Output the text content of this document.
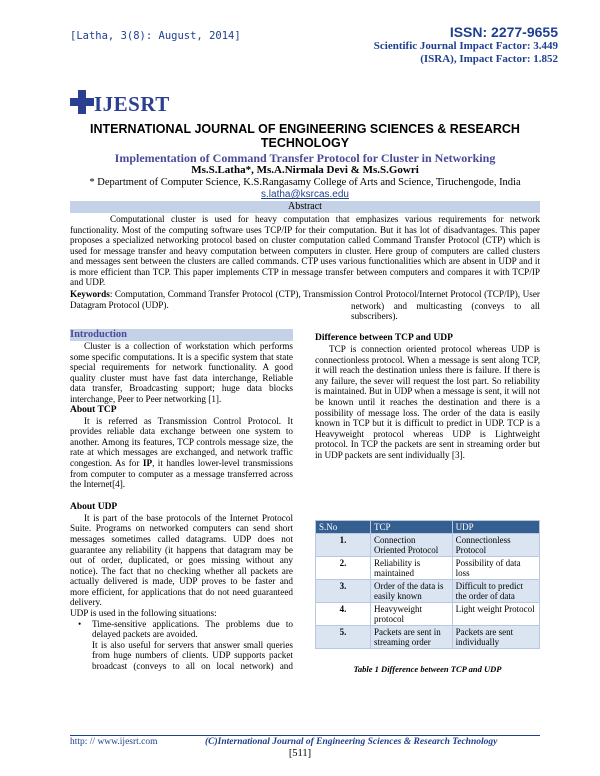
[Latha, 3(8): August, 2014]	ISSN: 2277-9655
Scientific Journal Impact Factor: 3.449
(ISRA), Impact Factor: 1.852
IJESRT
INTERNATIONAL JOURNAL OF ENGINEERING SCIENCES & RESEARCH TECHNOLOGY
Implementation of Command Transfer Protocol for Cluster in Networking
Ms.S.Latha*, Ms.A.Nirmala Devi & Ms.S.Gowri
* Department of Computer Science, K.S.Rangasamy College of Arts and Science, Tiruchengode, India
s.latha@ksrcas.edu
Abstract
Computational cluster is used for heavy computation that emphasizes various requirements for network functionality. Most of the computing software uses TCP/IP for their computation. But it has lot of disadvantages. This paper proposes a specialized networking protocol based on cluster computation called Command Transfer Protocol (CTP) which is used for message transfer and heavy computation between computers in cluster. Here group of computers are called clusters and messages sent between the clusters are called commands. CTP uses various functionalities which are absent in UDP and it is more efficient than TCP. This paper implements CTP in message transfer between computers and compares it with TCP/IP and UDP.
Keywords: Computation, Command Transfer Protocol (CTP), Transmission Control Protocol/Internet Protocol (TCP/IP), User Datagram Protocol (UDP).
Introduction

Cluster is a collection of workstation which performs some specific computations. It is a specific system that state special requirements for network functionality. A good quality cluster must have fast data interchange, Reliable data transfer, Broadcasting support; huge data blocks interchange, Peer to Peer networking [1].

About TCP

It is referred as Transmission Control Protocol. It provides reliable data exchange between one system to another. Among its features, TCP controls message size, the rate at which messages are exchanged, and network traffic congestion. As for IP, it handles lower-level transmissions from computer to computer as a message transferred across the Internet[4].

About UDP

It is part of the base protocols of the Internet Protocol Suite. Programs on networked computers can send short messages sometimes called datagrams. UDP does not guarantee any reliability (it happens that datagram may be out of order, duplicated, or goes missing without any notice). The fact that no checking whether all packets are actually delivered is made, UDP proves to be faster and more efficient, for applications that do not need guaranteed delivery.

UDP is used in the following situations:
• Time-sensitive applications. The problems due to delayed packets are avoided.
• It is also useful for servers that answer small queries from huge numbers of clients. UDP supports packet broadcast (conveys to all on local network) and
network) and multicasting (conveys to all subscribers).
Difference between TCP and UDP

TCP is connection oriented protocol whereas UDP is connectionless protocol. When a message is sent along TCP, it will reach the destination unless there is failure. If there is any failure, the sever will request the lost part. So reliability is maintained. But in UDP when a message is sent, it will not be known until it reaches the destination and there is a possibility of message loss. The order of the data is easily known in TCP but it is difficult to predict in UDP. TCP is a Heavyweight protocol whereas UDP is Lightweight protocol. In TCP the packets are sent in streaming order but in UDP packets are sent individually [3].

S.No	TCP	UDP
1.	Connection Oriented Protocol	Connectionless Protocol
2.	Reliability is maintained	Possibility of data loss
3.	Order of the data is easily known	Difficult to predict the order of data
4.	Heavyweight protocol	Light weight Protocol
5.	Packets are sent in streaming order	Packets are sent individually
Table 1 Difference between TCP and UDP
http: // www.ijesrt.com	(C)International Journal of Engineering Sciences & Research Technology
[511]
